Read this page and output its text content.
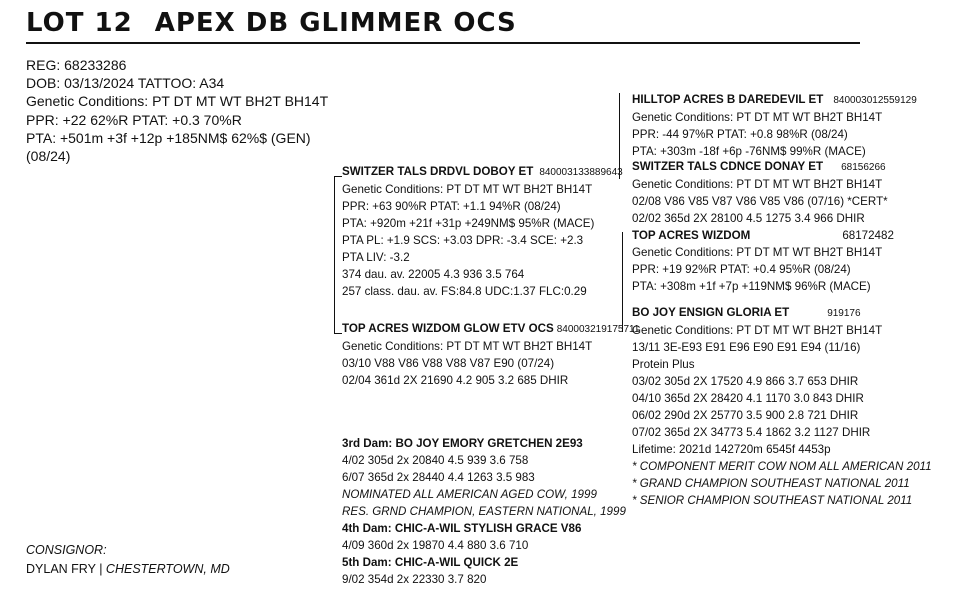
LOT 12 APEX DB GLIMMER OCS
REG: 68233286
DOB: 03/13/2024 TATTOO: A34
Genetic Conditions: PT DT MT WT BH2T BH14T
PPR: +22 62%R PTAT: +0.3 70%R
PTA: +501m +3f +12p +185NM$ 62%$ (GEN)
(08/24)
SWITZER TALS DRDVL DOBOY ET 840003133889643
Genetic Conditions: PT DT MT WT BH2T BH14T
PPR: +63 90%R PTAT: +1.1 94%R (08/24)
PTA: +920m +21f +31p +249NM$ 95%R (MACE)
PTA PL: +1.9 SCS: +3.03 DPR: -3.4 SCE: +2.3
PTA LIV: -3.2
374 dau. av. 22005 4.3 936 3.5 764
257 class. dau. av. FS:84.8 UDC:1.37 FLC:0.29
TOP ACRES WIZDOM GLOW ETV OCS 840003219175711
Genetic Conditions: PT DT MT WT BH2T BH14T
03/10 V88 V86 V88 V88 V87 E90 (07/24)
02/04 361d 2X 21690 4.2 905 3.2 685 DHIR
HILLTOP ACRES B DAREDEVIL ET 840003012559129
Genetic Conditions: PT DT MT WT BH2T BH14T
PPR: -44 97%R PTAT: +0.8 98%R (08/24)
PTA: +303m -18f +6p -76NM$ 99%R (MACE)
SWITZER TALS CDNCE DONAY ET 68156266
Genetic Conditions: PT DT MT WT BH2T BH14T
02/08 V86 V85 V87 V86 V85 V86 (07/16) *CERT*
02/02 365d 2X 28100 4.5 1275 3.4 966 DHIR
TOP ACRES WIZDOM	68172482
Genetic Conditions: PT DT MT WT BH2T BH14T
PPR: +19 92%R PTAT: +0.4 95%R (08/24)
PTA: +308m +1f +7p +119NM$ 96%R (MACE)
BO JOY ENSIGN GLORIA ET	919176
Genetic Conditions: PT DT MT WT BH2T BH14T
13/11 3E-E93 E91 E96 E90 E91 E94 (11/16)
Protein Plus
03/02 305d 2X 17520 4.9 866 3.7 653 DHIR
04/10 365d 2X 28420 4.1 1170 3.0 843 DHIR
06/02 290d 2X 25770 3.5 900 2.8 721 DHIR
07/02 365d 2X 34773 5.4 1862 3.2 1127 DHIR
Lifetime: 2021d 142720m 6545f 4453p
* COMPONENT MERIT COW NOM ALL AMERICAN 2011
* GRAND CHAMPION SOUTHEAST NATIONAL 2011
* SENIOR CHAMPION SOUTHEAST NATIONAL 2011
3rd Dam: BO JOY EMORY GRETCHEN 2E93
4/02 305d 2x 20840 4.5 939 3.6 758
6/07 365d 2x 28440 4.4 1263 3.5 983
NOMINATED ALL AMERICAN AGED COW, 1999
RES. GRND CHAMPION, EASTERN NATIONAL, 1999
4th Dam: CHIC-A-WIL STYLISH GRACE V86
4/09 360d 2x 19870 4.4 880 3.6 710
5th Dam: CHIC-A-WIL QUICK 2E
9/02 354d 2x 22330 3.7 820
CONSIGNOR:
DYLAN FRY | CHESTERTOWN, MD
